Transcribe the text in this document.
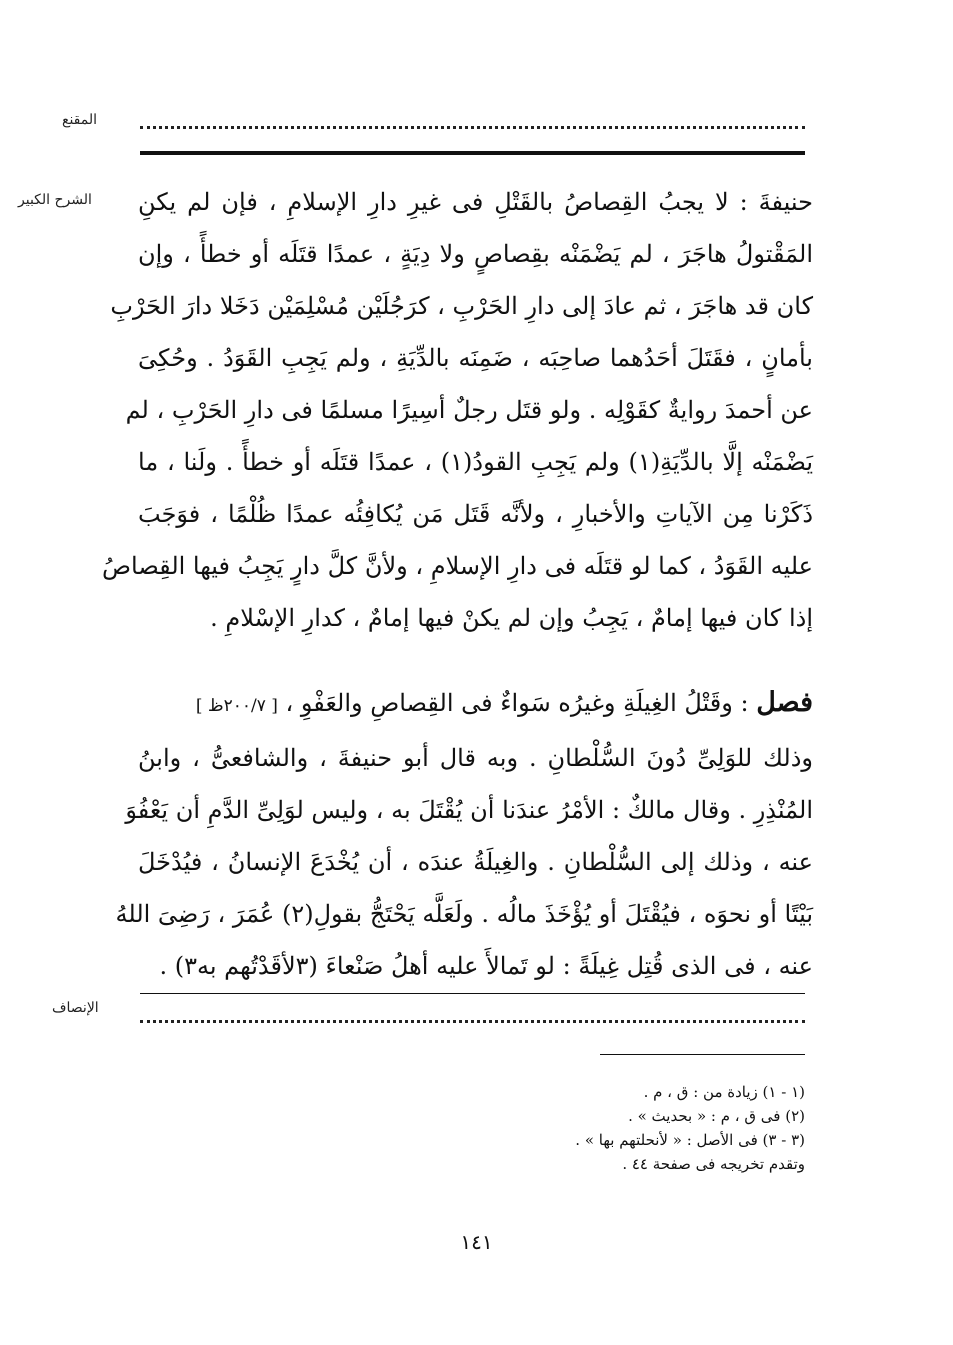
المقنع
الشرح الكبير حنيفةَ : لا يجبُ القِصاصُ بالقَتْلِ فى غيرِ دارِ الإسلامِ ، فإن لم يكنِ
المَقْتولُ هاجَرَ ، لم يَضْمَنْه بقِصاصٍ ولا دِيَةٍ ، عمدًا قتَلَه أو خطأً ، وإن
كان قد هاجَرَ ، ثم عادَ إلى دارِ الحَرْبِ ، كرَجُلَيْن مُسْلِمَيْن دَخَلا دارَ الحَرْبِ
بأمانٍ ، فقَتَلَ أحَدُهما صاحِبَه ، ضَمِنَه بالدِّيَةِ ، ولم يَجِبِ القَوَدُ . وحُكِىَ
عن أحمدَ روايةٌ كقَوْلِه . ولو قتَل رجلٌ أسِيرًا مسلمًا فى دارِ الحَرْبِ ، لم
يَضْمَنْه إلَّا بالدِّيَةِ(١) ولم يَجِبِ القودُ(١) ، عمدًا قتَلَه أو خطأً . ولَنا ، ما
ذَكَرْنا مِن الآياتِ والأخبارِ ، ولأنَّه قَتَل مَن يُكافِئُه عمدًا ظُلْمًا ، فوَجَبَ
عليه القَوَدُ ، كما لو قتَلَه فى دارِ الإسلامِ ، ولأنَّ كلَّ دارٍ يَجِبُ فيها القِصاصُ
إذا كان فيها إمامٌ ، يَجِبُ وإن لم يكنْ فيها إمامٌ ، كدارِ الإسْلامِ .
فصل : وقَتْلُ الغِيلَةِ وغيرُه سَواءٌ فى القِصاصِ والعَفْوِ ، [ ٢٠٠/٧ظ ]
وذلك للوَلِىِّ دُونَ السُّلْطانِ . وبه قال أبو حنيفةَ ، والشافعىُّ ، وابنُ
المُنْذِرِ . وقال مالكٌ : الأمْرُ عندَنا أن يُقْتَلَ به ، وليس لوَلِىِّ الدَّمِ أن يَعْفُوَ
عنه ، وذلك إلى السُّلْطانِ . والغِيلَةُ عندَه ، أن يُخْدَعَ الإنسانُ ، فيُدْخَلَ
بَيْتًا أو نحوَه ، فيُقْتَلَ أو يُؤْخَذَ مالُه . ولَعَلَّه يَحْتَجُّ بقولِ(٢) عُمَرَ ، رَضِىَ اللهُ
عنه ، فى الذى قُتِل غِيلَةً : لو تَمالأَ عليه أهلُ صَنْعاءَ (٣لأقَدْتُهم به٣) .
الإنصاف
(١ - ١) زيادة من : ق ، م .
(٢) فى ق ، م : « بحديث » .
(٣ - ٣) فى الأصل : « لأنحلتهم بها » .
وتقدم تخريجه فى صفحة ٤٤ .
١٤١
